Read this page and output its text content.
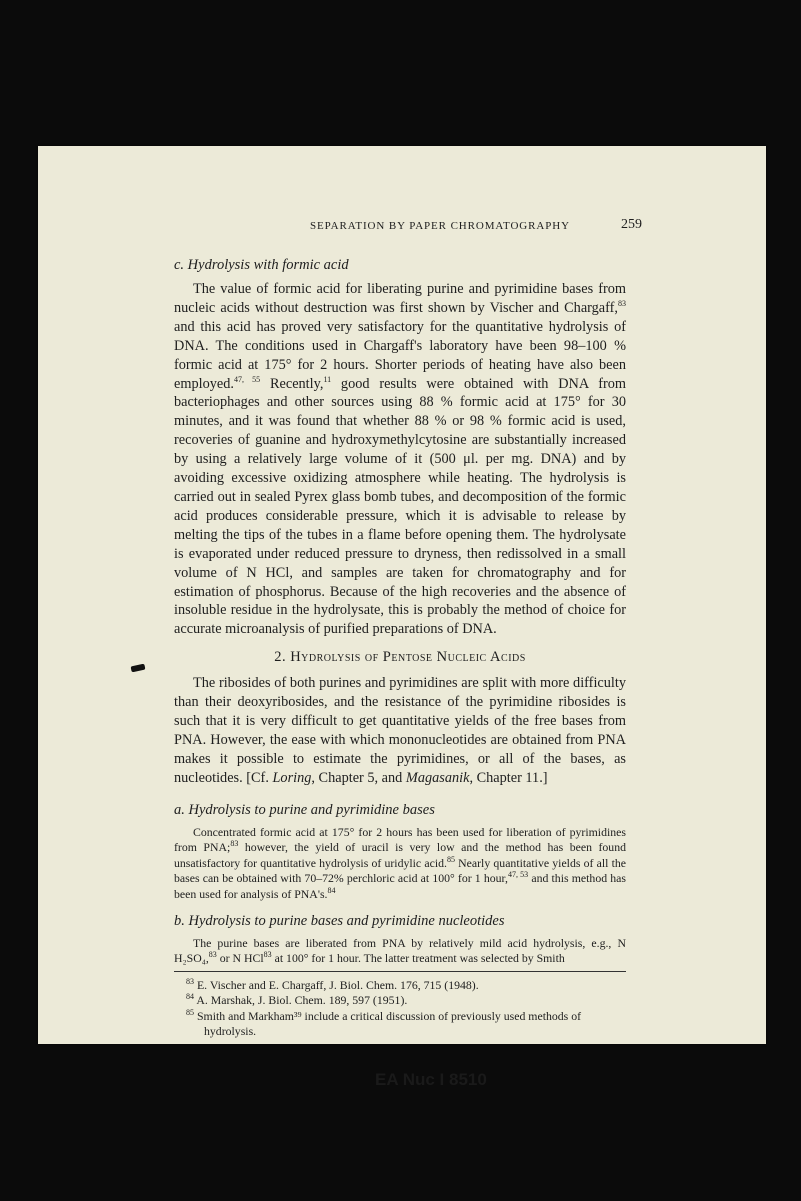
EA Nuc I 8510
SEPARATION BY PAPER CHROMATOGRAPHY	259
c. Hydrolysis with formic acid

The value of formic acid for liberating purine and pyrimidine bases from nucleic acids without destruction was first shown by Vischer and Chargaff,$^{83}$ and this acid has proved very satisfactory for the quantitative hydrolysis of DNA. The conditions used in Chargaff's laboratory have been 98–100 % formic acid at 175° for 2 hours. Shorter periods of heating have also been employed.$^{47, 55}$ Recently,$^{11}$ good results were obtained with DNA from bacteriophages and other sources using 88 % formic acid at 175° for 30 minutes, and it was found that whether 88 % or 98 % formic acid is used, recoveries of guanine and hydroxymethylcytosine are substantially increased by using a relatively large volume of it (500 μl. per mg. DNA) and by avoiding excessive oxidizing atmosphere while heating. The hydrolysis is carried out in sealed Pyrex glass bomb tubes, and decomposition of the formic acid produces considerable pressure, which it is advisable to release by melting the tips of the tubes in a flame before opening them. The hydrolysate is evaporated under reduced pressure to dryness, then redissolved in a small volume of N HCl, and samples are taken for chromatography and for estimation of phosphorus. Because of the high recoveries and the absence of insoluble residue in the hydrolysate, this is probably the method of choice for accurate microanalysis of purified preparations of DNA.

2. Hydrolysis of Pentose Nucleic Acids

The ribosides of both purines and pyrimidines are split with more difficulty than their deoxyribosides, and the resistance of the pyrimidine ribosides is such that it is very difficult to get quantitative yields of the free bases from PNA. However, the ease with which mononucleotides are obtained from PNA makes it possible to estimate the pyrimidines, or all of the bases, as nucleotides. [Cf. Loring, Chapter 5, and Magasanik, Chapter 11.]

a. Hydrolysis to purine and pyrimidine bases

Concentrated formic acid at 175° for 2 hours has been used for liberation of pyrimidines from PNA;$^{83}$ however, the yield of uracil is very low and the method has been found unsatisfactory for quantitative hydrolysis of uridylic acid.$^{85}$ Nearly quantitative yields of all the bases can be obtained with 70–72% perchloric acid at 100° for 1 hour,$^{47, 53}$ and this method has been used for analysis of PNA's.$^{84}$

b. Hydrolysis to purine bases and pyrimidine nucleotides

The purine bases are liberated from PNA by relatively mild acid hydrolysis, e.g., N H₂SO₄,$^{83}$ or N HCl$^{83}$ at 100° for 1 hour. The latter treatment was selected by Smith

$^{83}$ E. Vischer and E. Chargaff, J. Biol. Chem. 176, 715 (1948).
$^{84}$ A. Marshak, J. Biol. Chem. 189, 597 (1951).
$^{85}$ Smith and Markham³⁹ include a critical discussion of previously used methods of hydrolysis.
